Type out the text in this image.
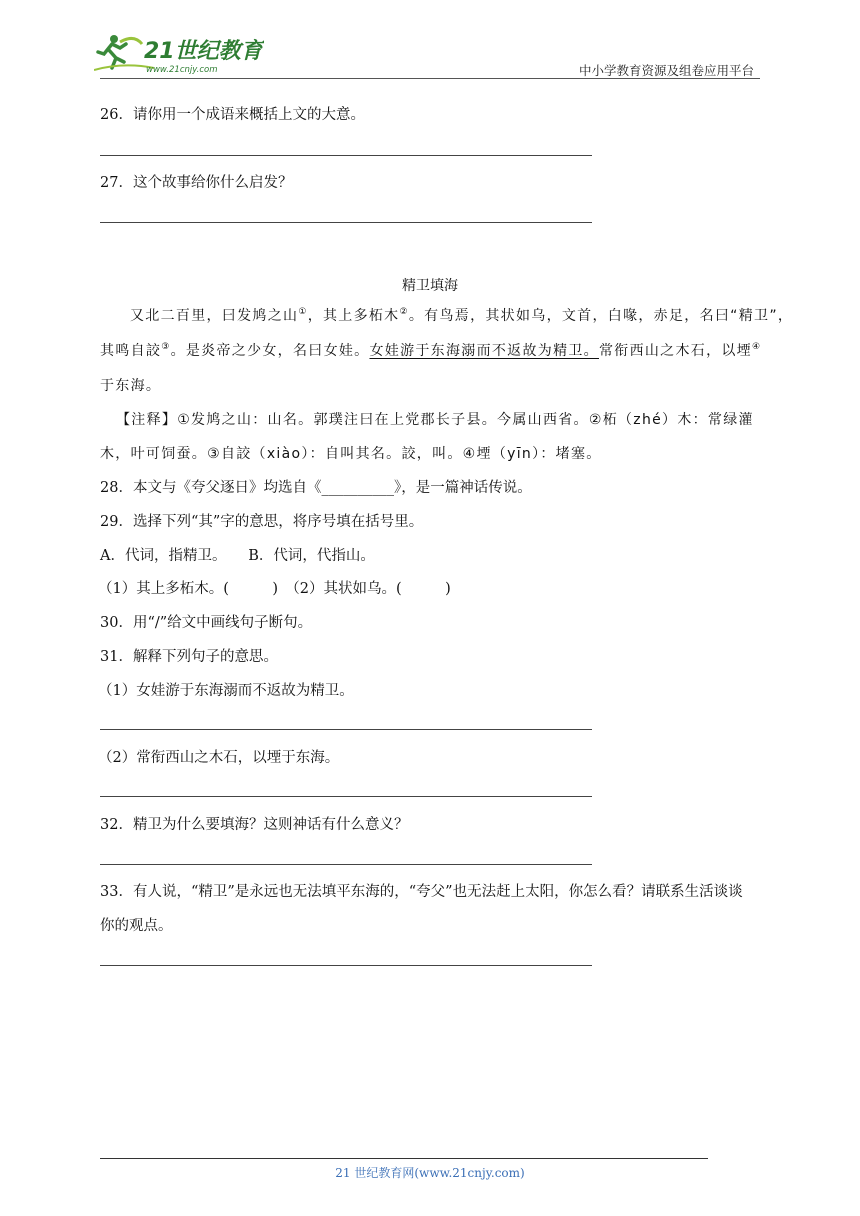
21世纪教育
www.21cnjy.com	中小学教育资源及组卷应用平台
26．请你用一个成语来概括上文的大意。
27．这个故事给你什么启发？
精卫填海
又北二百里，曰发鸠之山①，其上多柘木②。有鸟焉，其状如乌，文首，白喙，赤足，名曰“精卫”，
其鸣自詨③。是炎帝之少女，名曰女娃。女娃游于东海溺而不返故为精卫。常衔西山之木石，以堙④
于东海。
【注释】①发鸠之山：山名。郭璞注曰在上党郡长子县。今属山西省。②柘（zhé）木：常绿灌
木，叶可饲蚕。③自詨（xiào）：自叫其名。詨，叫。④堙（yīn）：堵塞。
28．本文与《夸父逐日》均选自《__________》，是一篇神话传说。
29．选择下列“其”字的意思，将序号填在括号里。
A．代词，指精卫。　　B．代词，代指山。
（1）其上多柘木。(　　　)　（2）其状如乌。(　　　)
30．用“/”给文中画线句子断句。
31．解释下列句子的意思。
（1）女娃游于东海溺而不返故为精卫。
（2）常衔西山之木石，以堙于东海。
32．精卫为什么要填海？这则神话有什么意义？
33．有人说，“精卫”是永远也无法填平东海的，“夸父”也无法赶上太阳，你怎么看？请联系生活谈谈
你的观点。
21 世纪教育网(www.21cnjy.com)
